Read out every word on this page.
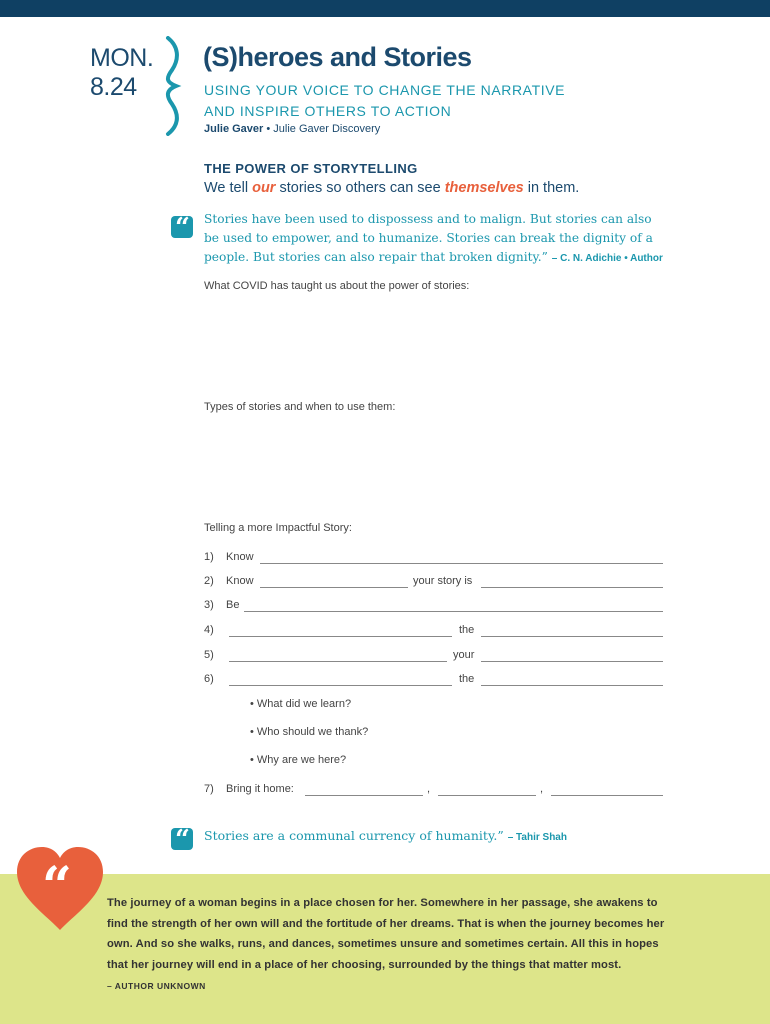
MON.
8.24
(S)heroes and Stories
USING YOUR VOICE TO CHANGE THE NARRATIVE
AND INSPIRE OTHERS TO ACTION
Julie Gaver • Julie Gaver Discovery
THE POWER OF STORYTELLING
We tell our stories so others can see themselves in them.
“ Stories have been used to dispossess and to malign. But stories can also be used to empower, and to humanize. Stories can break the dignity of a people. But stories can also repair that broken dignity.” – C. N. Adichie • Author
What COVID has taught us about the power of stories:
Types of stories and when to use them:
Telling a more Impactful Story:
1) Know
2) Know	your story is
3) Be
4)	the
5)	your
6)	the
• What did we learn?
• Who should we thank?
• Why are we here?
7) Bring it home:	,	,
“ Stories are a communal currency of humanity.” – Tahir Shah
“	The journey of a woman begins in a place chosen for her. Somewhere in her passage, she awakens to find the strength of her own will and the fortitude of her dreams. That is when the journey becomes her own. And so she walks, runs, and dances, sometimes unsure and sometimes certain. All this in hopes that her journey will end in a place of her choosing, surrounded by the things that matter most.
– AUTHOR UNKNOWN
